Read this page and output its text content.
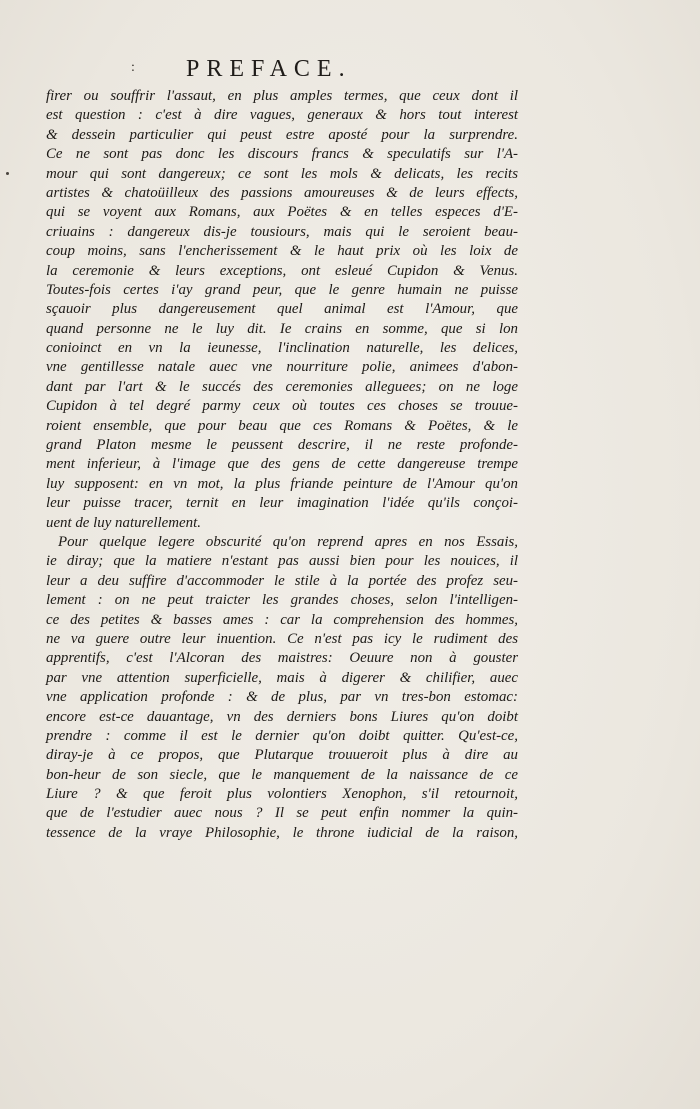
: PREFACE.
firer ou souffrir l'assaut, en plus amples termes, que ceux dont il
est question : c'est à dire vagues, generaux & hors tout interest
& dessein particulier qui peust estre aposté pour la surprendre.
Ce ne sont pas donc les discours francs & speculatifs sur l'A-
mour qui sont dangereux; ce sont les mols & delicats, les recits
artistes & chatoüilleux des passions amoureuses & de leurs effects,
qui se voyent aux Romans, aux Poëtes & en telles especes d'E-
criuains : dangereux dis-je tousiours, mais qui le seroient beau-
coup moins, sans l'encherissement & le haut prix où les loix de
la ceremonie & leurs exceptions, ont esleué Cupidon & Venus.
Toutes-fois certes i'ay grand peur, que le genre humain ne puisse
sçauoir plus dangereusement quel animal est l'Amour, que
quand personne ne le luy dit. Ie crains en somme, que si lon
conioinct en vn la ieunesse, l'inclination naturelle, les delices,
vne gentillesse natale auec vne nourriture polie, animees d'abon-
dant par l'art & le succés des ceremonies alleguees; on ne loge
Cupidon à tel degré parmy ceux où toutes ces choses se trouue-
roient ensemble, que pour beau que ces Romans & Poëtes, & le
grand Platon mesme le peussent descrire, il ne reste profonde-
ment inferieur, à l'image que des gens de cette dangereuse trempe
luy supposent: en vn mot, la plus friande peinture de l'Amour qu'on
leur puisse tracer, ternit en leur imagination l'idée qu'ils conçoi-
uent de luy naturellement.
Pour quelque legere obscurité qu'on reprend apres en nos Essais,
ie diray; que la matiere n'estant pas aussi bien pour les nouices, il
leur a deu suffire d'accommoder le stile à la portée des profez seu-
lement : on ne peut traicter les grandes choses, selon l'intelligen-
ce des petites & basses ames : car la comprehension des hommes,
ne va guere outre leur inuention. Ce n'est pas icy le rudiment des
apprentifs, c'est l'Alcoran des maistres: Oeuure non à gouster
par vne attention superficielle, mais à digerer & chilifier, auec
vne application profonde : & de plus, par vn tres-bon estomac:
encore est-ce dauantage, vn des derniers bons Liures qu'on doibt
prendre : comme il est le dernier qu'on doibt quitter. Qu'est-ce,
diray-je à ce propos, que Plutarque trouueroit plus à dire au
bon-heur de son siecle, que le manquement de la naissance de ce
Liure ? & que feroit plus volontiers Xenophon, s'il retournoit,
que de l'estudier auec nous ? Il se peut enfin nommer la quin-
tessence de la vraye Philosophie, le throne iudicial de la raison,
